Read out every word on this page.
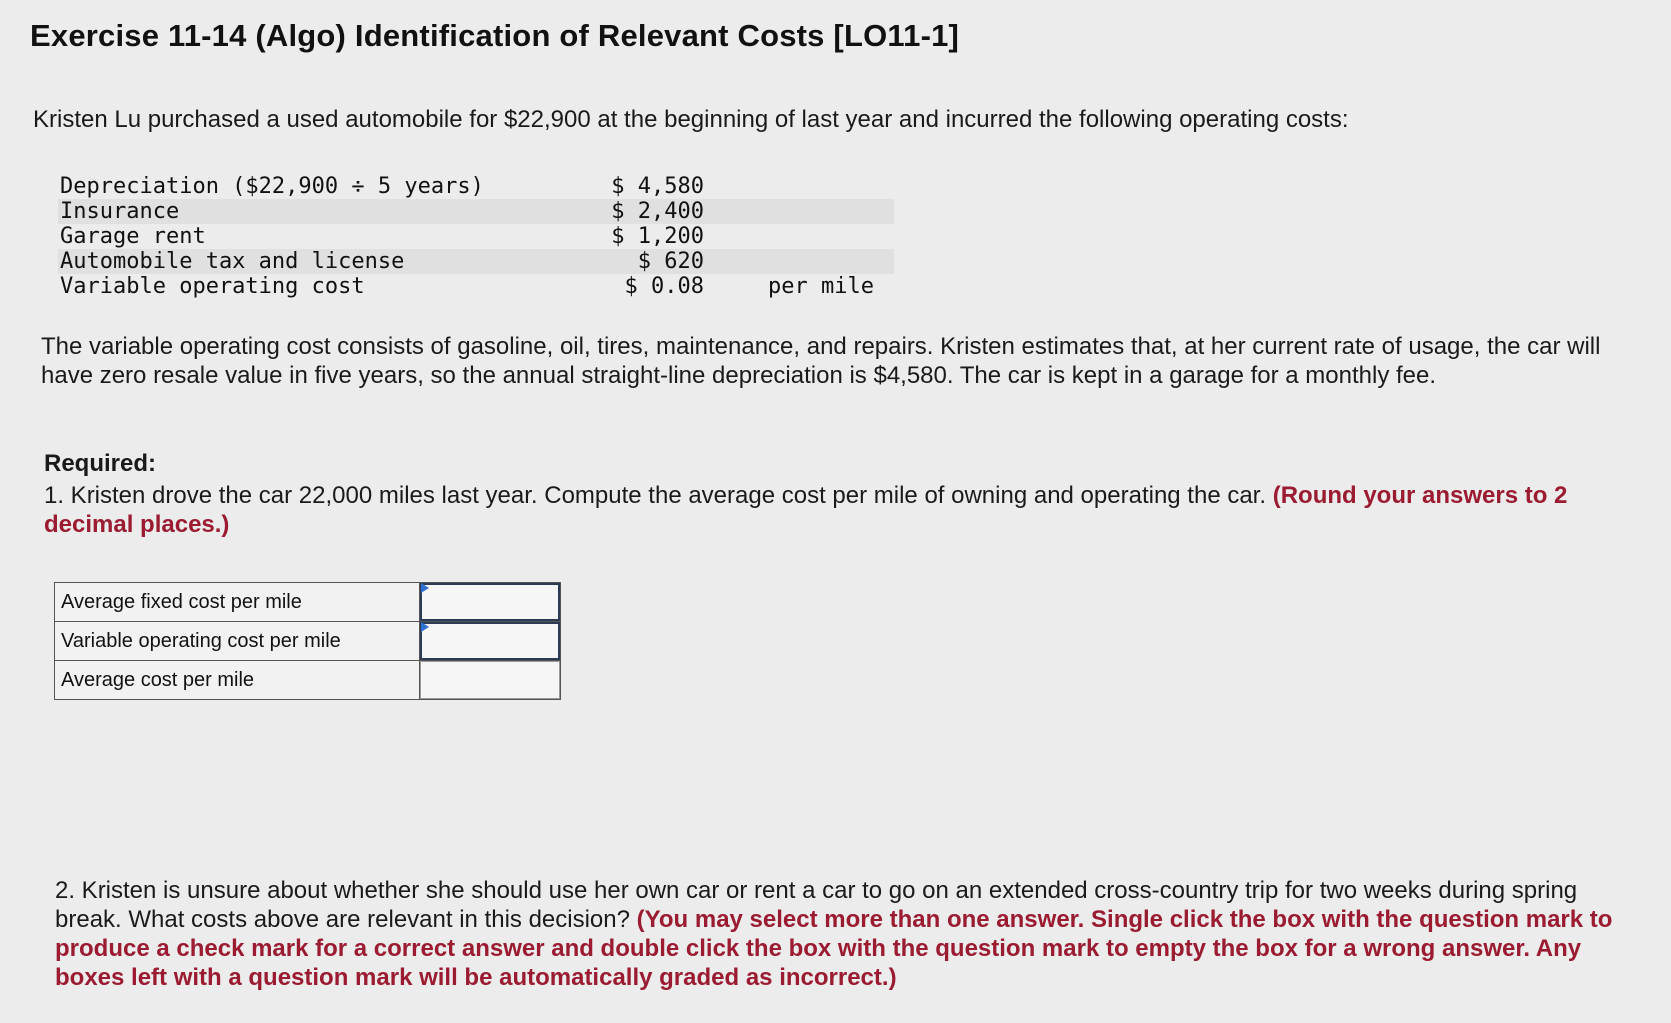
Exercise 11-14 (Algo) Identification of Relevant Costs [LO11-1]
Kristen Lu purchased a used automobile for $22,900 at the beginning of last year and incurred the following operating costs:
Depreciation ($22,900 ÷ 5 years)	$ 4,580
Insurance	$ 2,400
Garage rent	$ 1,200
Automobile tax and license	$ 620
Variable operating cost	$ 0.08	per mile
The variable operating cost consists of gasoline, oil, tires, maintenance, and repairs. Kristen estimates that, at her current rate of usage, the car will have zero resale value in five years, so the annual straight-line depreciation is $4,580. The car is kept in a garage for a monthly fee.
Required:
1. Kristen drove the car 22,000 miles last year. Compute the average cost per mile of owning and operating the car. (Round your answers to 2 decimal places.)
Average fixed cost per mile	

Variable operating cost per mile	

Average cost per mile	
2. Kristen is unsure about whether she should use her own car or rent a car to go on an extended cross-country trip for two weeks during spring break. What costs above are relevant in this decision? (You may select more than one answer. Single click the box with the question mark to produce a check mark for a correct answer and double click the box with the question mark to empty the box for a wrong answer. Any boxes left with a question mark will be automatically graded as incorrect.)
